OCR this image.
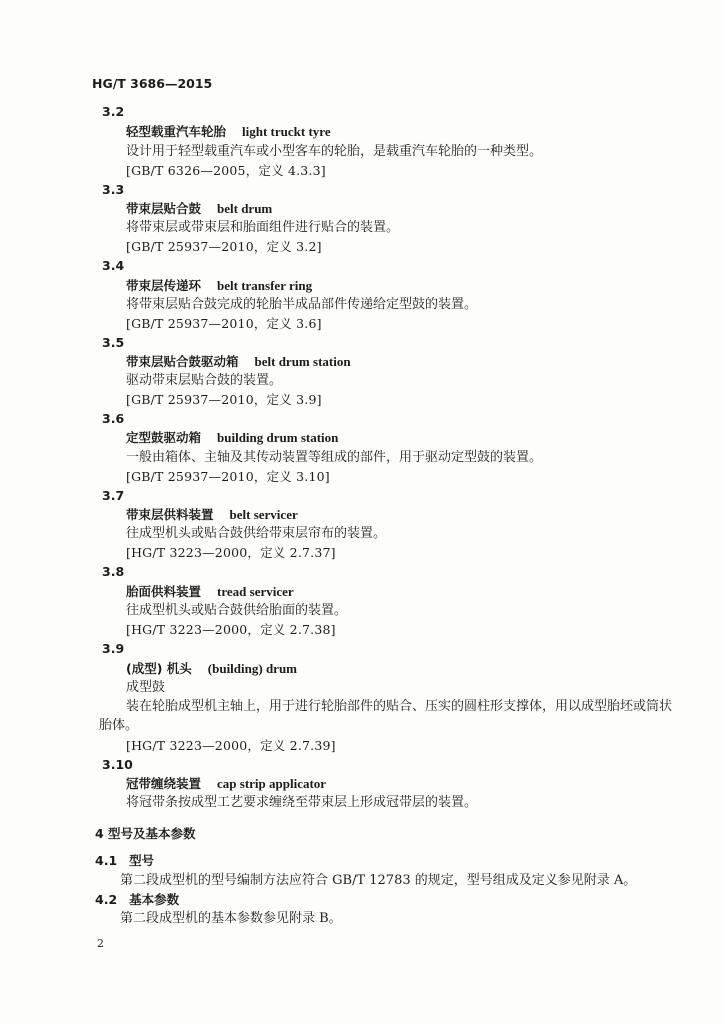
HG/T 3686—2015
3.2
轻型载重汽车轮胎 light truckt tyre
设计用于轻型载重汽车或小型客车的轮胎，是载重汽车轮胎的一种类型。
[GB/T 6326—2005，定义 4.3.3]
3.3
带束层贴合鼓 belt drum
将带束层或带束层和胎面组件进行贴合的装置。
[GB/T 25937—2010，定义 3.2]
3.4
带束层传递环 belt transfer ring
将带束层贴合鼓完成的轮胎半成品部件传递给定型鼓的装置。
[GB/T 25937—2010，定义 3.6]
3.5
带束层贴合鼓驱动箱 belt drum station
驱动带束层贴合鼓的装置。
[GB/T 25937—2010，定义 3.9]
3.6
定型鼓驱动箱 building drum station
一般由箱体、主轴及其传动装置等组成的部件，用于驱动定型鼓的装置。
[GB/T 25937—2010，定义 3.10]
3.7
带束层供料装置 belt servicer
往成型机头或贴合鼓供给带束层帘布的装置。
[HG/T 3223—2000，定义 2.7.37]
3.8
胎面供料装置 tread servicer
往成型机头或贴合鼓供给胎面的装置。
[HG/T 3223—2000，定义 2.7.38]
3.9
(成型) 机头 (building) drum
成型鼓
装在轮胎成型机主轴上，用于进行轮胎部件的贴合、压实的圆柱形支撑体，用以成型胎坯或筒状
胎体。
[HG/T 3223—2000，定义 2.7.39]
3.10
冠带缠绕装置 cap strip applicator
将冠带条按成型工艺要求缠绕至带束层上形成冠带层的装置。
4 型号及基本参数
4.1 型号
第二段成型机的型号编制方法应符合 GB/T 12783 的规定，型号组成及定义参见附录 A。
4.2 基本参数
第二段成型机的基本参数参见附录 B。
2
